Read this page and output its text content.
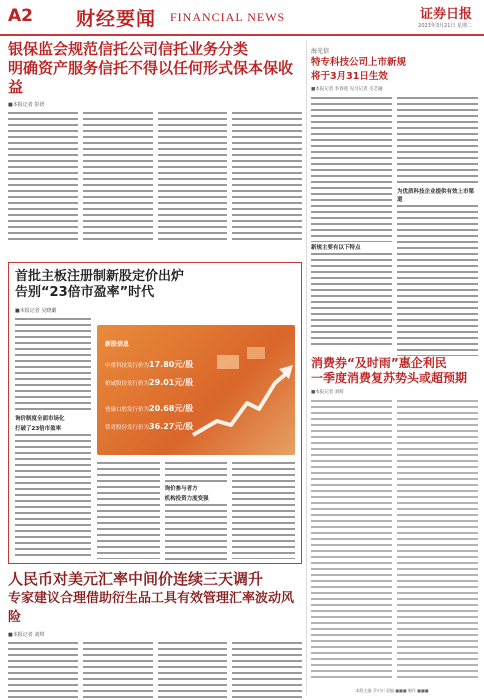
A2 财经要闻 FINANCIAL NEWS	证券日报
2023年3月21日 星期二
银保监会规范信托公司信托业务分类
明确资产服务信托不得以任何形式保本保收益
■本报记者 彭妍
首批主板注册制新股定价出炉
告别“23倍市盈率”时代
■本报记者 吴晓璐
询价制度全面市场化
打破了23倍市盈率
新股信息
中重科技发行价为17.80元/股
柏诚股份发行价为29.01元/股
登康口腔发行价为20.68元/股
常青股份发行价为36.27元/股
询价参与者方
机构投资力度变强
人民币对美元汇率中间价连续三天调升
专家建议合理借助衍生品工具有效管理汇率波动风险
■本报记者 刘琪
海光信
特专科技公司上市新规
将于3月31日生效
■本报记者 李春莲 见习记者 毛艺融
新规主要有以下特点
为优质科技企业提供有效上市渠道
消费券“及时雨”惠企利民
一季度消费复苏势头或超预期
■本报记者 刘萌
本版主编 乔川川 责编 ■■■ 制作 ■■■
